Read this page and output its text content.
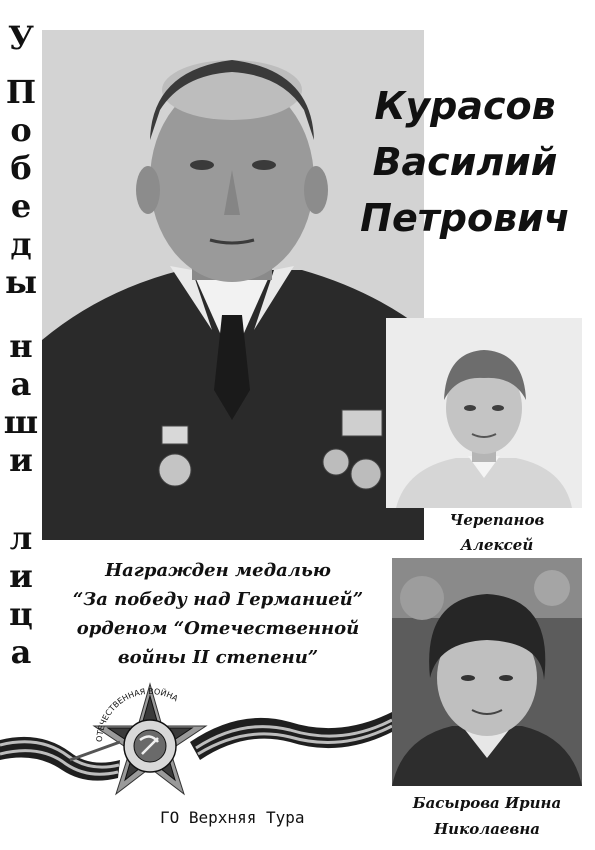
У
П
о
б
е
д
ы
н
а
ш
и
л
и
ц
а
Курасов
Василий
Петрович
Черепанов
Алексей
Награжден медалью
“За победу над Германией”
орденом “Отечественной
войны II степени”
Басырова Ирина
Николаевна
ОТЕЧЕСТВЕННАЯ ВОЙНА
ГО Верхняя Тура
